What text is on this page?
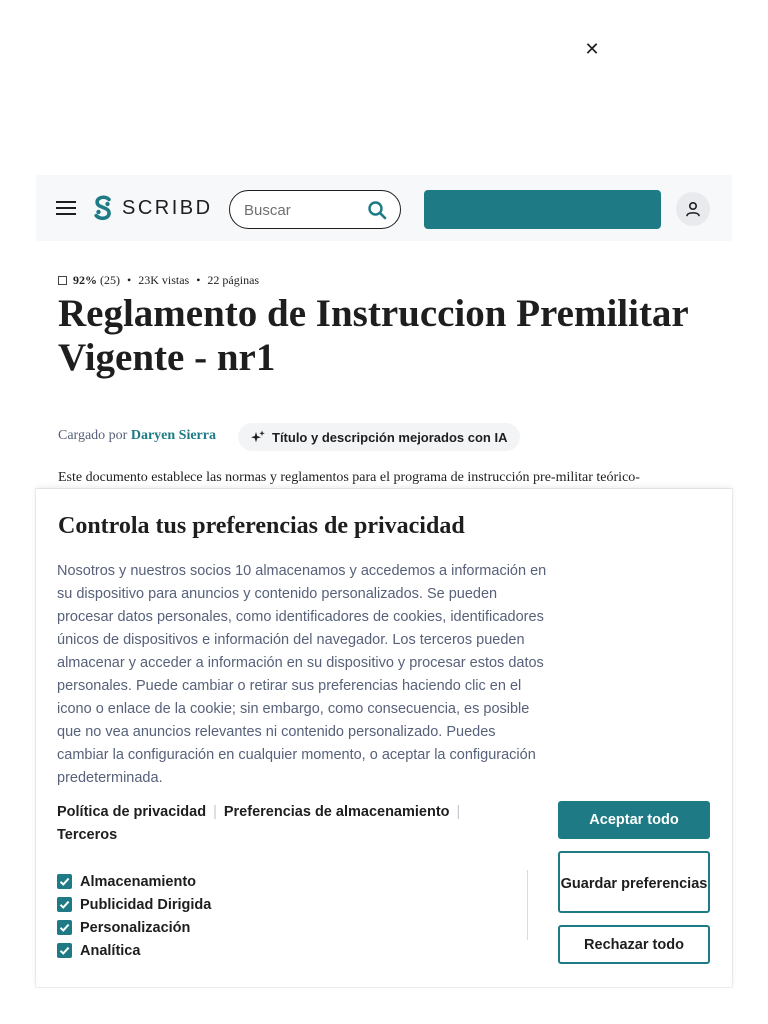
✕
SCRIBD
Buscar
92% (25) • 23K vistas • 22 páginas
Reglamento de Instruccion Premilitar Vigente - nr1
Cargado por Daryen Sierra	Título y descripción mejorados con IA

Este documento establece las normas y reglamentos para el programa de instrucción pre-militar teórico-

Controla tus preferencias de privacidad

Nosotros y nuestros socios 10 almacenamos y accedemos a información en su dispositivo para anuncios y contenido personalizados. Se pueden procesar datos personales, como identificadores de cookies, identificadores únicos de dispositivos e información del navegador. Los terceros pueden almacenar y acceder a información en su dispositivo y procesar estos datos personales. Puede cambiar o retirar sus preferencias haciendo clic en el icono o enlace de la cookie; sin embargo, como consecuencia, es posible que no vea anuncios relevantes ni contenido personalizado. Puedes cambiar la configuración en cualquier momento, o aceptar la configuración predeterminada.

Política de privacidad | Preferencias de almacenamiento |
Terceros
Almacenamiento
Publicidad Dirigida
Personalización
Analítica
Aceptar todo
Guardar preferencias
Rechazar todo
